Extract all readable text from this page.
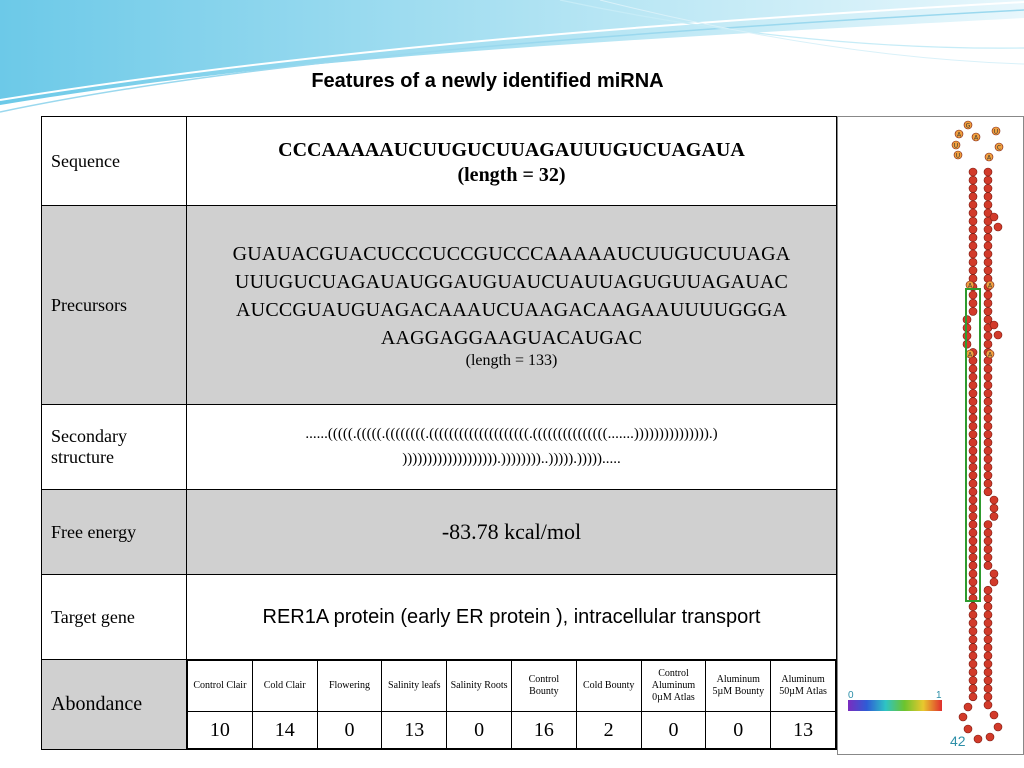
Features of a newly identified miRNA
Sequence	CCCAAAAAUCUUGUCUUAGAUUUGUCUAGAUA
(length = 32)

Precursors	
GUAUACGUACUCCCUCCGUCCCAAAAAUCUUGUCUUAGA
UUUGUCUAGAUAUGGAUGUAUCUAUUAGUGUUAGAUAC
AUCCGUAUGUAGACAAAUCUAAGACAAGAAUUUUGGGA
AAGGAGGAAGUACAUGAC
(length = 133)

Secondary
structure

......(((((.(((((.((((((((.((((((((((((((((((((.(((((((((((((((.......))))))))))))))).)
))))))))))))))))))).))))))))..))))).))))).....

Free energy	-83.78 kcal/mol

Target gene	RER1A protein (early ER protein ), intracellular transport

Abondance	
Control Clair	Cold Clair	Flowering	Salinity leafs	Salinity Roots	Control Bounty	Cold Bounty	Control Aluminum 0µM Atlas	Aluminum 5µM Bounty	Aluminum 50µM Atlas
10	14	0	13	0	16	2	0	0	13
A
G
A
U
C
A
U
U
A	A
A	A
0	1
42
